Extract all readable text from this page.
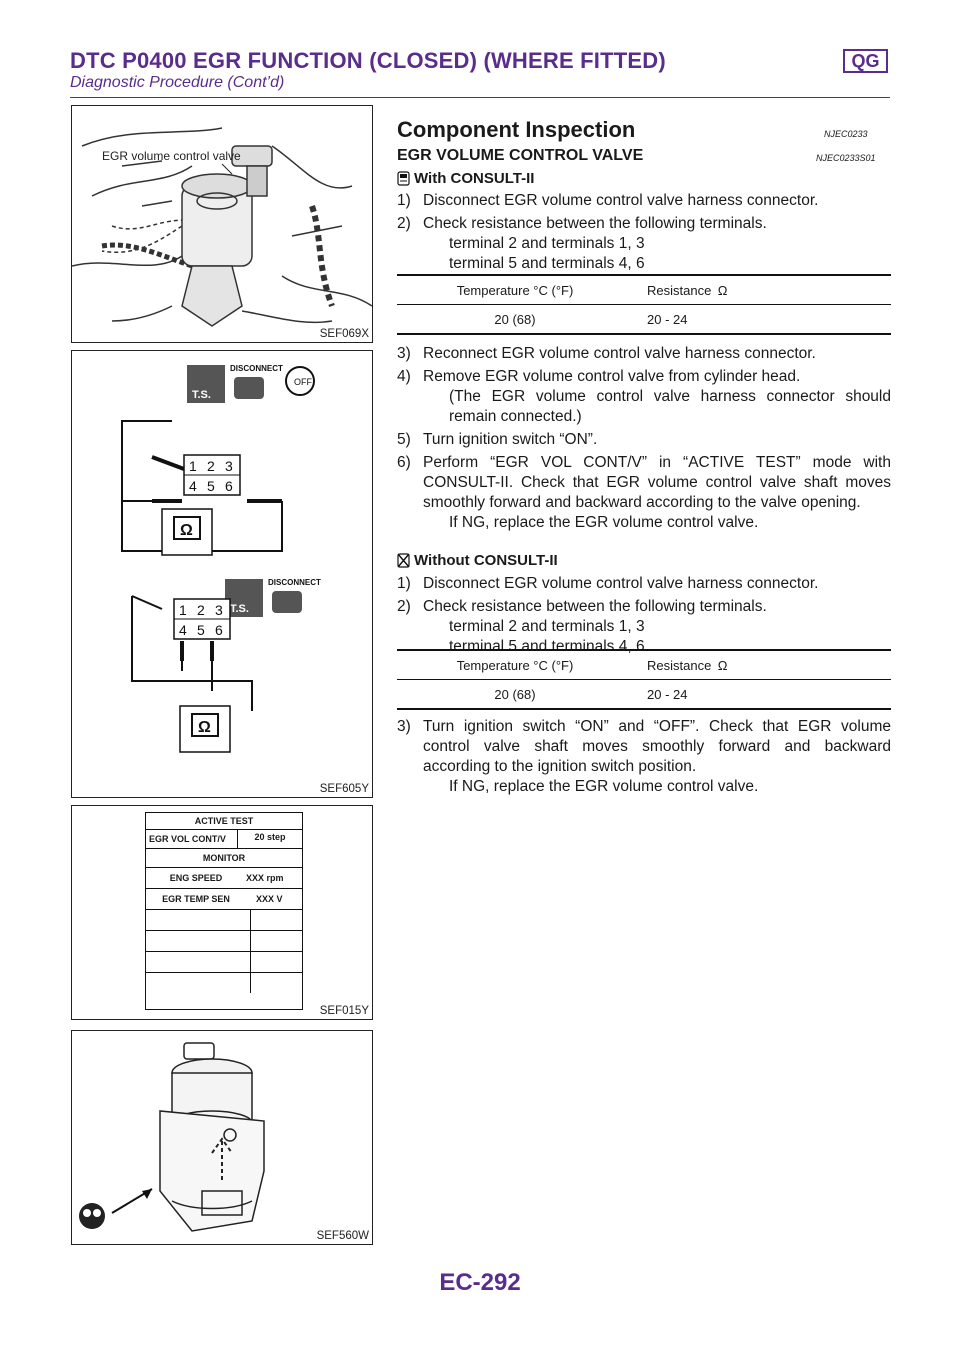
DTC P0400 EGR FUNCTION (CLOSED) (WHERE FITTED)	QG
Diagnostic Procedure (Cont’d)
EGR volume control valve
SEF069X
T.S.
DISCONNECT
OFF
1 2 3
4 5 6
Ω
T.S.
DISCONNECT
1 2 3
4 5 6
Ω
SEF605Y
ACTIVE TEST
EGR VOL CONT/V	20 step
MONITOR
ENG SPEED	XXX rpm
EGR TEMP SEN	XXX V
SEF015Y
SEF560W
Component Inspection	NJEC0233
EGR VOLUME CONTROL VALVE	NJEC0233S01
With CONSULT-II
1) Disconnect EGR volume control valve harness connector.
2) Check resistance between the following terminals.
terminal 2 and terminals 1, 3
terminal 5 and terminals 4, 6
Temperature °C (°F)	Resistance Ω
20 (68)	20 - 24
3) Reconnect EGR volume control valve harness connector.
4) Remove EGR volume control valve from cylinder head.
(The EGR volume control valve harness connector should remain connected.)
5) Turn ignition switch “ON”.
6) Perform “EGR VOL CONT/V” in “ACTIVE TEST” mode with CONSULT-II. Check that EGR volume control valve shaft moves smoothly forward and backward according to the valve opening.
If NG, replace the EGR volume control valve.
Without CONSULT-II
1) Disconnect EGR volume control valve harness connector.
2) Check resistance between the following terminals.
terminal 2 and terminals 1, 3
terminal 5 and terminals 4, 6
Temperature °C (°F)	Resistance Ω
20 (68)	20 - 24
3) Turn ignition switch “ON” and “OFF”. Check that EGR volume control valve shaft moves smoothly forward and backward according to the ignition switch position.
If NG, replace the EGR volume control valve.
EC-292
